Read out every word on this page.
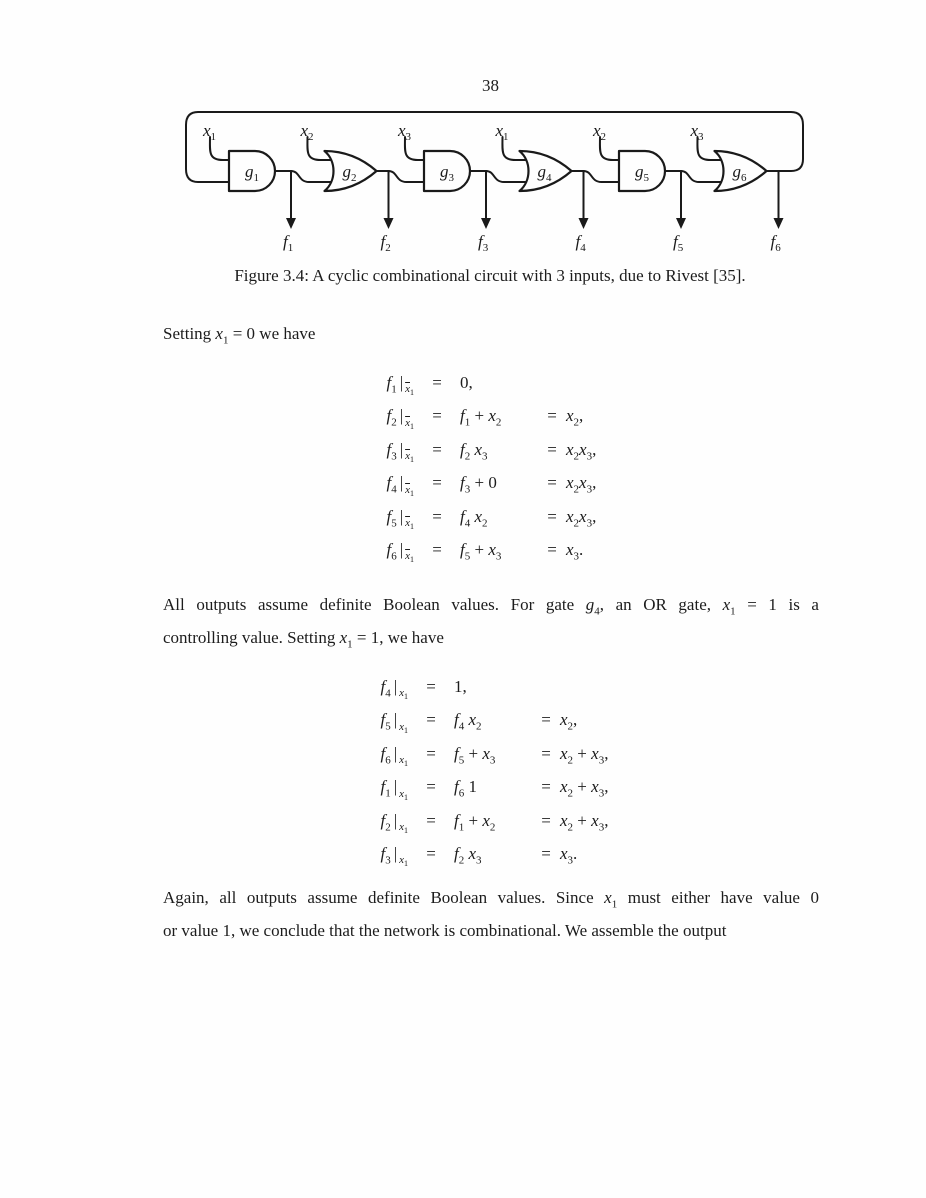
38
$x_1$
$g_1$
$f_1$
$x_2$
$g_2$
$f_2$
$x_3$
$g_3$
$f_3$
$x_1$
$g_4$
$f_4$
$x_2$
$g_5$
$f_5$
$x_3$
$g_6$
$f_6$
Figure 3.4: A cyclic combinational circuit with 3 inputs, due to Rivest [35].

Setting $x_1 = 0$ we have

$f_1$ | $_{\overline{x}_1}$
=	0,
$f_2$ | $_{\overline{x}_1}$
=	$f_1 + x_2$	= $x_2$,
$f_3$ | $_{\overline{x}_1}$
=	$f_2$ $x_3$	= $x_2x_3$,
$f_4$ | $_{\overline{x}_1}$
=	$f_3 + 0$	= $x_2x_3$,
$f_5$ | $_{\overline{x}_1}$
=	$f_4$ $x_2$	= $x_2x_3$,
$f_6$ | $_{\overline{x}_1}$
=	$f_5 + x_3$	= $x_3$.

All outputs assume definite Boolean values. For gate $g_4$, an OR gate, $x_1 = 1$ is a
controlling value. Setting $x_1 = 1$, we have

$f_4$ | $_{x_1}$
=	1,
$f_5$ | $_{x_1}$
=	$f_4$ $x_2$	= $x_2$,
$f_6$ | $_{x_1}$
=	$f_5 + x_3$	= $x_2 + x_3$,
$f_1$ | $_{x_1}$
=	$f_6$ 1	= $x_2 + x_3$,
$f_2$ | $_{x_1}$
=	$f_1 + x_2$	= $x_2 + x_3$,
$f_3$ | $_{x_1}$
=	$f_2$ $x_3$	= $x_3$.

Again, all outputs assume definite Boolean values. Since $x_1$ must either have value 0
or value 1, we conclude that the network is combinational. We assemble the output
